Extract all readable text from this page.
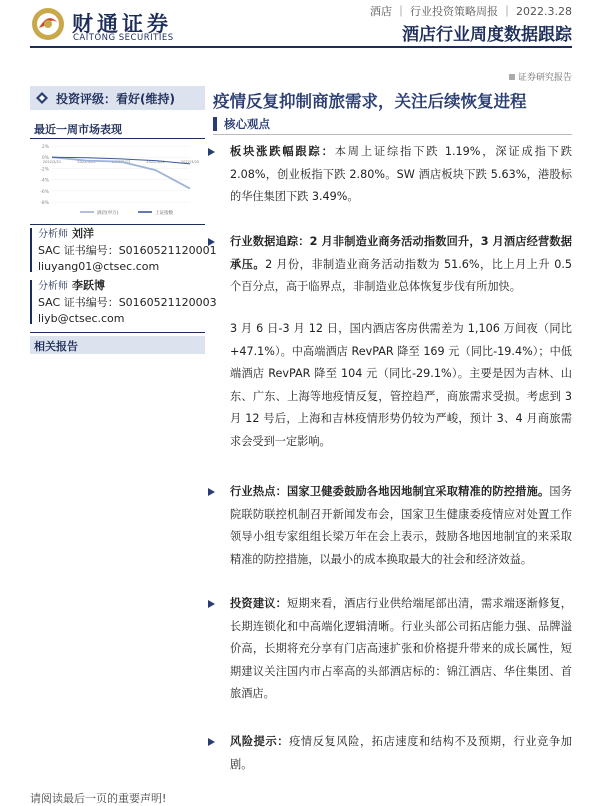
财通证券
CAITONG SECURITIES
酒店 ｜ 行业投资策略周报 ｜ 2022.3.28
酒店行业周度数据跟踪
证券研究报告
投资评级：看好(维持)
最近一周市场表现
2%
0%
-2%
-4%
-6%
-8%
2022/3/21	2022/3/22	2022/3/23	2022/3/24	2022/3/25
酒店(申万)	上证指数
分析师 刘洋
SAC 证书编号：S0160521120001
liuyang01@ctsec.com
分析师 李跃博
SAC 证书编号：S0160521120003
liyb@ctsec.com
相关报告
疫情反复抑制商旅需求，关注后续恢复进程
核心观点
板块涨跌幅跟踪：本周上证综指下跌 1.19%，深证成指下跌 2.08%，创业板指下跌 2.80%。SW 酒店板块下跌 5.63%，港股标的华住集团下跌 3.49%。
行业数据追踪：2 月非制造业商务活动指数回升，3 月酒店经营数据承压。2 月份，非制造业商务活动指数为 51.6%，比上月上升 0.5 个百分点，高于临界点，非制造业总体恢复步伐有所加快。
3 月 6 日-3 月 12 日，国内酒店客房供需差为 1,106 万间夜（同比+47.1%）。中高端酒店 RevPAR 降至 169 元（同比-19.4%）；中低端酒店 RevPAR 降至 104 元（同比-29.1%）。主要是因为吉林、山东、广东、上海等地疫情反复，管控趋严，商旅需求受损。考虑到 3 月 12 号后，上海和吉林疫情形势仍较为严峻，预计 3、4 月商旅需求会受到一定影响。
行业热点：国家卫健委鼓励各地因地制宜采取精准的防控措施。国务院联防联控机制召开新闻发布会，国家卫生健康委疫情应对处置工作领导小组专家组组长梁万年在会上表示，鼓励各地因地制宜的来采取精准的防控措施，以最小的成本换取最大的社会和经济效益。
投资建议：短期来看，酒店行业供给端尾部出清，需求端逐渐修复，长期连锁化和中高端化逻辑清晰。行业头部公司拓店能力强、品牌溢价高，长期将充分享有门店高速扩张和价格提升带来的成长属性，短期建议关注国内市占率高的头部酒店标的：锦江酒店、华住集团、首旅酒店。
风险提示：疫情反复风险，拓店速度和结构不及预期，行业竞争加剧。
请阅读最后一页的重要声明!
